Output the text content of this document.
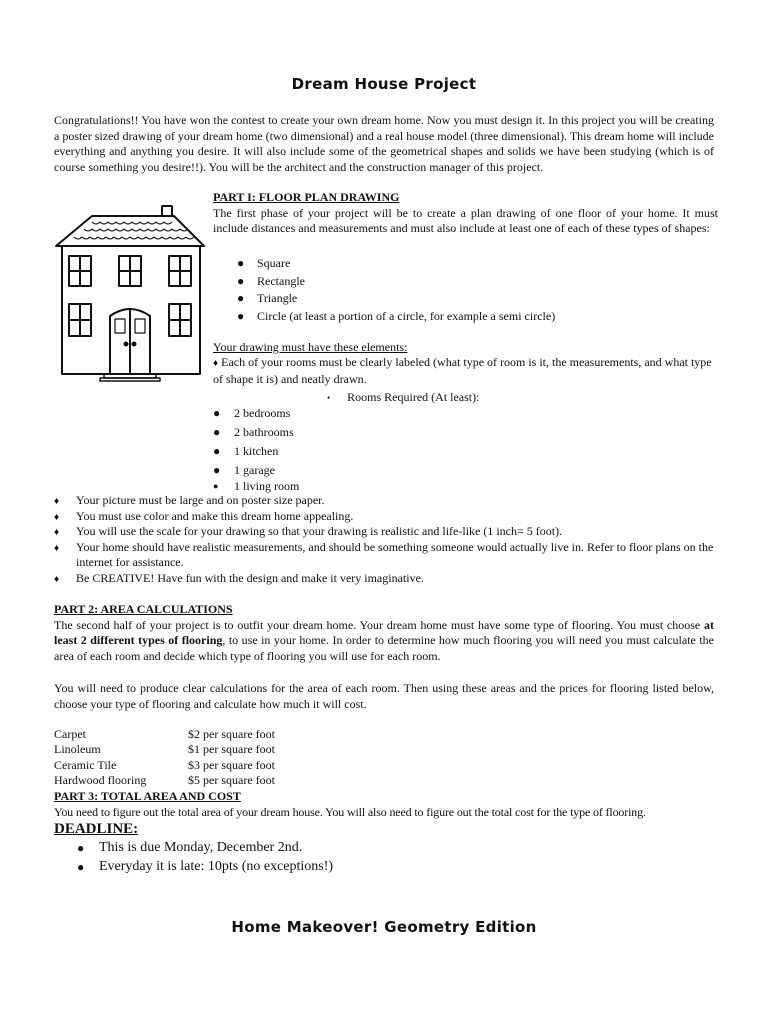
Dream House Project
Congratulations!! You have won the contest to create your own dream home. Now you must design it. In this project you will be creating a poster sized drawing of your dream home (two dimensional) and a real house model (three dimensional). This dream home will include everything and anything you desire. It will also include some of the geometrical shapes and solids we have been studying (which is of course something you desire!!). You will be the architect and the construction manager of this project.
PART I: FLOOR PLAN DRAWING
The first phase of your project will be to create a plan drawing of one floor of your home. It must include distances and measurements and must also include at least one of each of these types of shapes:
● Square
● Rectangle
● Triangle
● Circle (at least a portion of a circle, for example a semi circle)
Your drawing must have these elements:
♦ Each of your rooms must be clearly labeled (what type of room is it, the measurements, and what type of shape it is) and neatly drawn.
• Rooms Required (At least):
● 2 bedrooms
● 2 bathrooms
● 1 kitchen
● 1 garage
● 1 living room
♦ Your picture must be large and on poster size paper.
♦ You must use color and make this dream home appealing.
♦ You will use the scale for your drawing so that your drawing is realistic and life-like (1 inch= 5 foot).
♦ Your home should have realistic measurements, and should be something someone would actually live in. Refer to floor plans on the internet for assistance.
♦ Be CREATIVE! Have fun with the design and make it very imaginative.
PART 2: AREA CALCULATIONS
The second half of your project is to outfit your dream home. Your dream home must have some type of flooring. You must choose at least 2 different types of flooring, to use in your home. In order to determine how much flooring you will need you must calculate the area of each room and decide which type of flooring you will use for each room.
You will need to produce clear calculations for the area of each room. Then using these areas and the prices for flooring listed below, choose your type of flooring and calculate how much it will cost.
Carpet	$2 per square foot
Linoleum	$1 per square foot
Ceramic Tile	$3 per square foot
Hardwood flooring	$5 per square foot
PART 3: TOTAL AREA AND COST
You need to figure out the total area of your dream house. You will also need to figure out the total cost for the type of flooring.
DEADLINE:
● This is due Monday, December 2nd.
● Everyday it is late: 10pts (no exceptions!)
Home Makeover! Geometry Edition
